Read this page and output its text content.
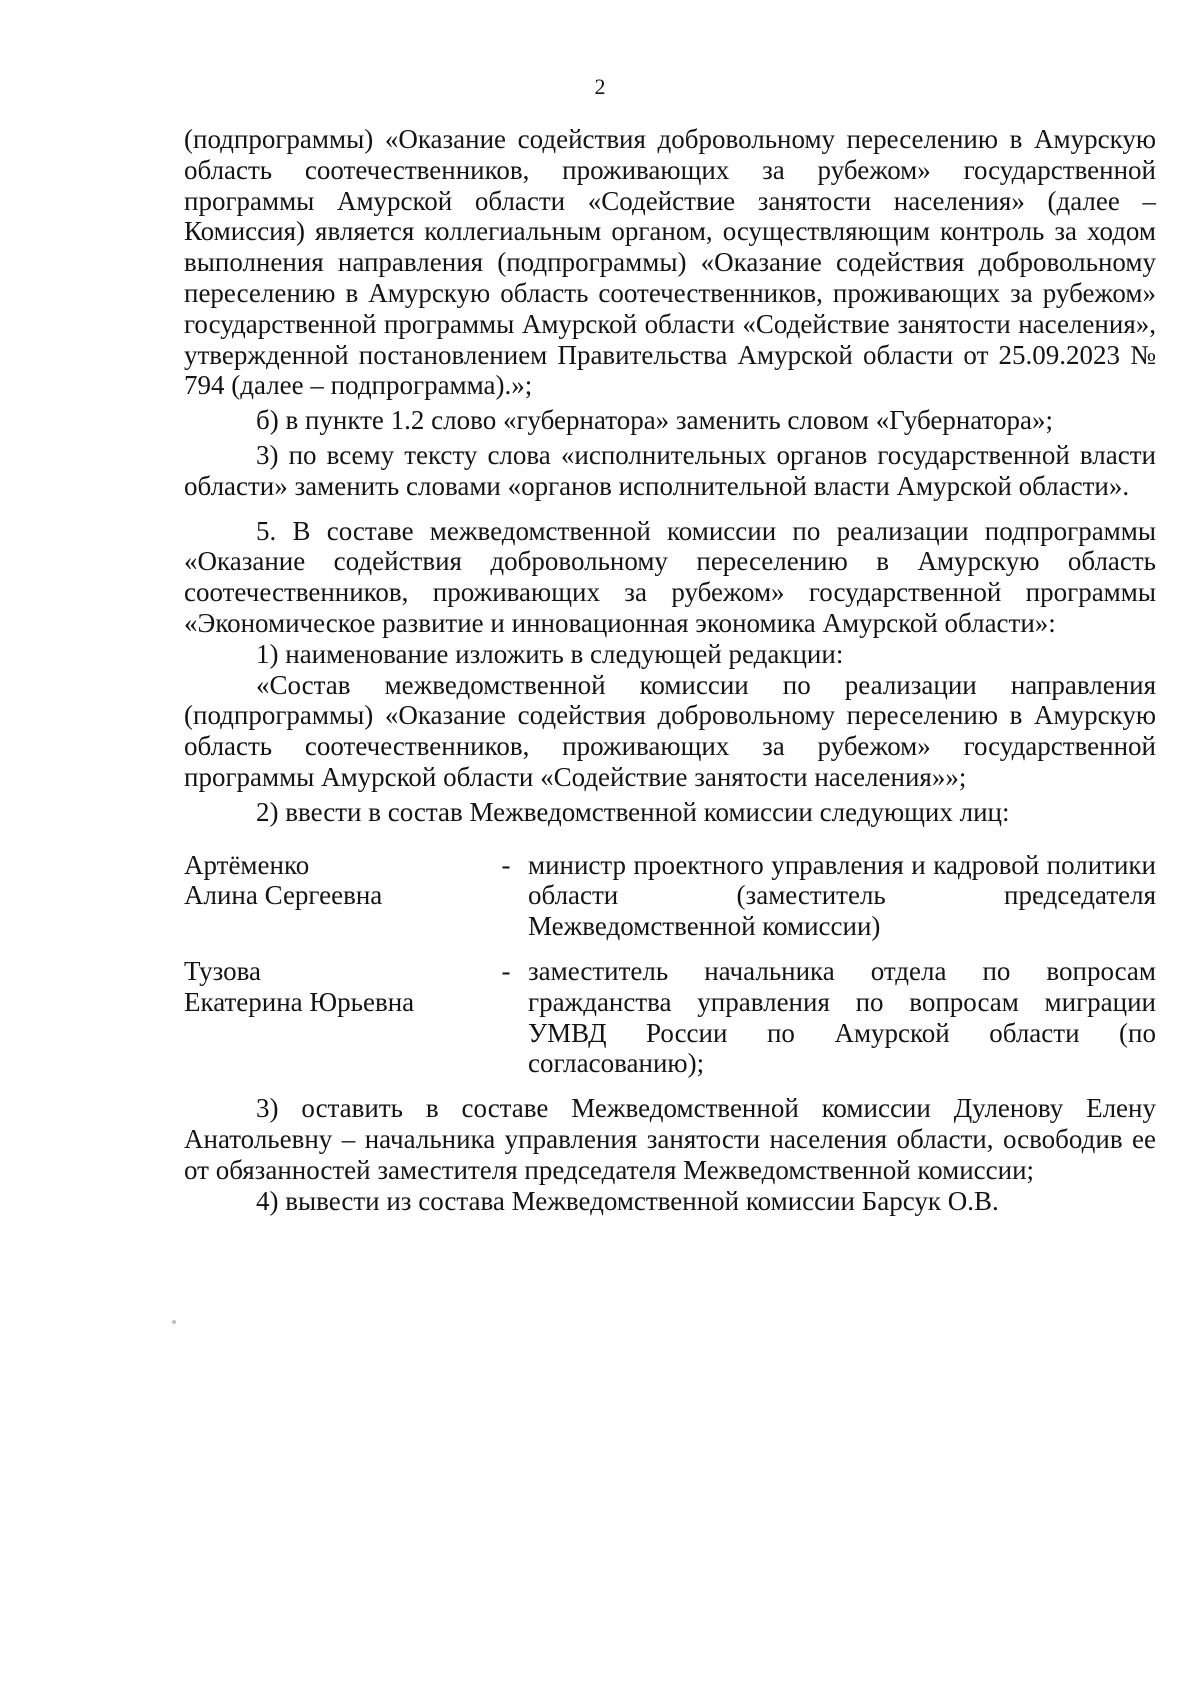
2

(подпрограммы) «Оказание содействия добровольному переселению в Амурскую область соотечественников, проживающих за рубежом» государственной программы Амурской области «Содействие занятости населения» (далее – Комиссия) является коллегиальным органом, осуществляющим контроль за ходом выполнения направления (подпрограммы) «Оказание содействия добровольному переселению в Амурскую область соотечественников, проживающих за рубежом» государственной программы Амурской области «Содействие занятости населения», утвержденной постановлением Правительства Амурской области от 25.09.2023 № 794 (далее – подпрограмма).»;

б) в пункте 1.2 слово «губернатора» заменить словом «Губернатора»;

3) по всему тексту слова «исполнительных органов государственной власти области» заменить словами «органов исполнительной власти Амурской области».

5. В составе межведомственной комиссии по реализации подпрограммы «Оказание содействия добровольному переселению в Амурскую область соотечественников, проживающих за рубежом» государственной программы «Экономическое развитие и инновационная экономика Амурской области»:

1) наименование изложить в следующей редакции:

«Состав межведомственной комиссии по реализации направления (подпрограммы) «Оказание содействия добровольному переселению в Амурскую область соотечественников, проживающих за рубежом» государственной программы Амурской области «Содействие занятости населения»»;

2) ввести в состав Межведомственной комиссии следующих лиц:

Артёменко
Алина Сергеевна
- министр проектного управления и кадровой политики области (заместитель председателя Межведомственной комиссии)
Тузова
Екатерина Юрьевна
- заместитель начальника отдела по вопросам гражданства управления по вопросам миграции УМВД России по Амурской области (по согласованию);

3) оставить в составе Межведомственной комиссии Дуленову Елену Анатольевну – начальника управления занятости населения области, освободив ее от обязанностей заместителя председателя Межведомственной комиссии;

4) вывести из состава Межведомственной комиссии Барсук О.В.
